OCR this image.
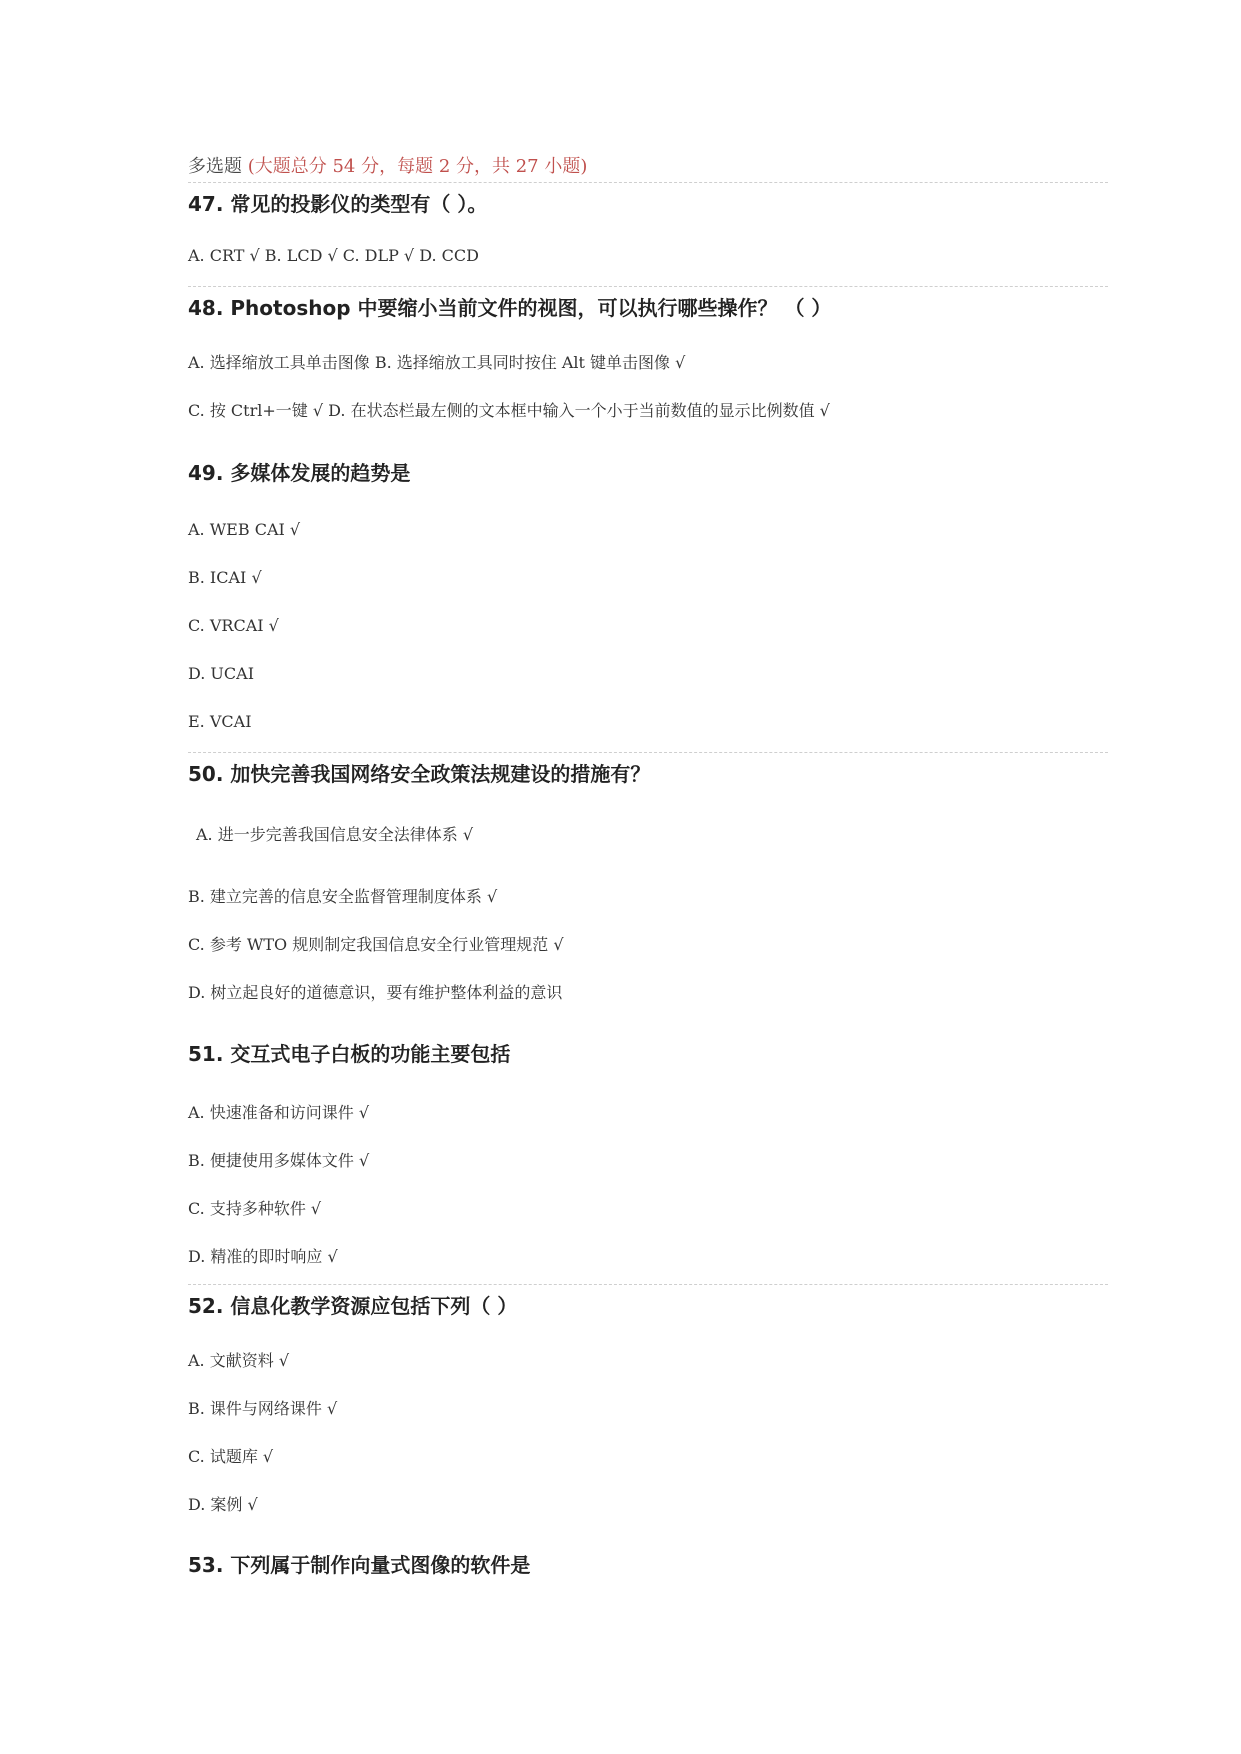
多选题 (大题总分 54 分，每题 2 分，共 27 小题)
47. 常见的投影仪的类型有（ ）。
A. CRT √ B. LCD √ C. DLP √ D. CCD
48. Photoshop 中要缩小当前文件的视图，可以执行哪些操作？ （ ）
A. 选择缩放工具单击图像 B. 选择缩放工具同时按住 Alt 键单击图像 √
C. 按 Ctrl+一键 √ D. 在状态栏最左侧的文本框中输入一个小于当前数值的显示比例数值 √
49. 多媒体发展的趋势是
A. WEB CAI √
B. ICAI √
C. VRCAI √
D. UCAI
E. VCAI
50. 加快完善我国网络安全政策法规建设的措施有？
A. 进一步完善我国信息安全法律体系 √
B. 建立完善的信息安全监督管理制度体系 √
C. 参考 WTO 规则制定我国信息安全行业管理规范 √
D. 树立起良好的道德意识，要有维护整体利益的意识
51. 交互式电子白板的功能主要包括
A. 快速准备和访问课件 √
B. 便捷使用多媒体文件 √
C. 支持多种软件 √
D. 精准的即时响应 √
52. 信息化教学资源应包括下列（ ）
A. 文献资料 √
B. 课件与网络课件 √
C. 试题库 √
D. 案例 √
53. 下列属于制作向量式图像的软件是
